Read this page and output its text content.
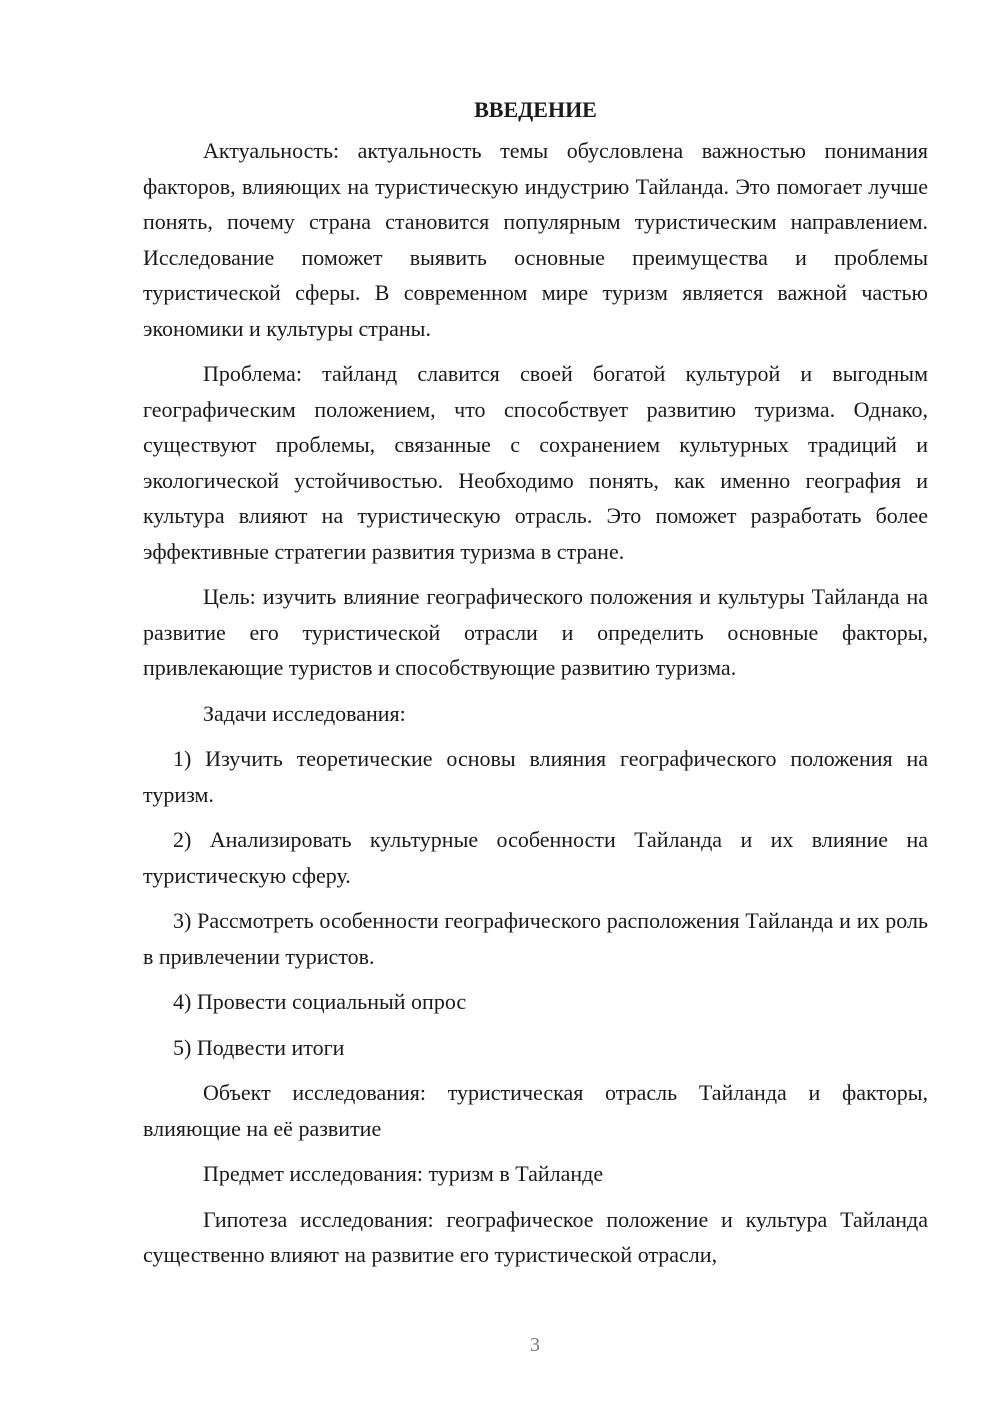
ВВЕДЕНИЕ

Актуальность: актуальность темы обусловлена важностью понимания факторов, влияющих на туристическую индустрию Тайланда. Это помогает лучше понять, почему страна становится популярным туристическим направлением. Исследование поможет выявить основные преимущества и проблемы туристической сферы. В современном мире туризм является важной частью экономики и культуры страны.

Проблема: тайланд славится своей богатой культурой и выгодным географическим положением, что способствует развитию туризма. Однако, существуют проблемы, связанные с сохранением культурных традиций и экологической устойчивостью. Необходимо понять, как именно география и культура влияют на туристическую отрасль. Это поможет разработать более эффективные стратегии развития туризма в стране.

Цель: изучить влияние географического положения и культуры Тайланда на развитие его туристической отрасли и определить основные факторы, привлекающие туристов и способствующие развитию туризма.

Задачи исследования:

1) Изучить теоретические основы влияния географического положения на туризм.

2) Анализировать культурные особенности Тайланда и их влияние на туристическую сферу.

3) Рассмотреть особенности географического расположения Тайланда и их роль в привлечении туристов.

4) Провести социальный опрос

5) Подвести итоги

Объект исследования: туристическая отрасль Тайланда и факторы, влияющие на её развитие

Предмет исследования: туризм в Тайланде

Гипотеза исследования: географическое положение и культура Тайланда существенно влияют на развитие его туристической отрасли,

3
